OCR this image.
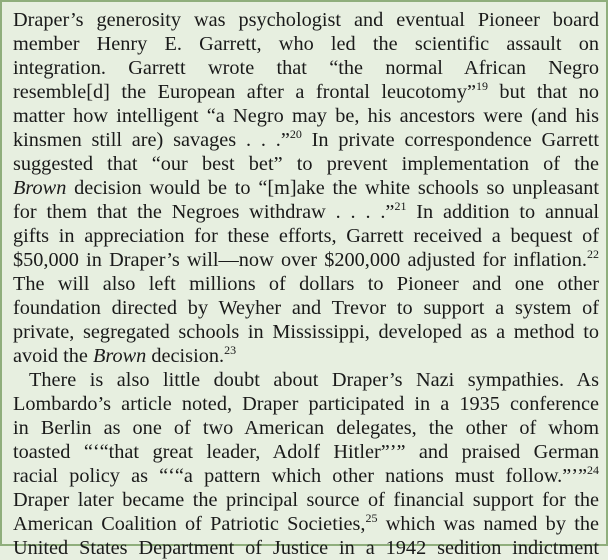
Draper’s generosity was psychologist and eventual Pioneer board
member Henry E. Garrett, who led the scientific assault on
integration. Garrett wrote that “the normal African Negro
resemble[d] the European after a frontal leucotomy”$^{19}$ but that no
matter how intelligent “a Negro may be, his ancestors were (and his
kinsmen still are) savages . . .”$^{20}$ In private correspondence Garrett
suggested that “our best bet” to prevent implementation of the
Brown decision would be to “[m]ake the white schools so unpleasant
for them that the Negroes withdraw . . . .”$^{21}$ In addition to annual
gifts in appreciation for these efforts, Garrett received a bequest of
$50,000 in Draper’s will—now over $200,000 adjusted for inflation.$^{22}$
The will also left millions of dollars to Pioneer and one other
foundation directed by Weyher and Trevor to support a system of
private, segregated schools in Mississippi, developed as a method to
avoid the Brown decision.$^{23}$
There is also little doubt about Draper’s Nazi sympathies. As
Lombardo’s article noted, Draper participated in a 1935 conference
in Berlin as one of two American delegates, the other of whom
toasted “‘“that great leader, Adolf Hitler”’” and praised German
racial policy as “‘“a pattern which other nations must follow.”’”$^{24}$
Draper later became the principal source of financial support for the
American Coalition of Patriotic Societies,$^{25}$ which was named by the
United States Department of Justice in a 1942 sedition indictment
